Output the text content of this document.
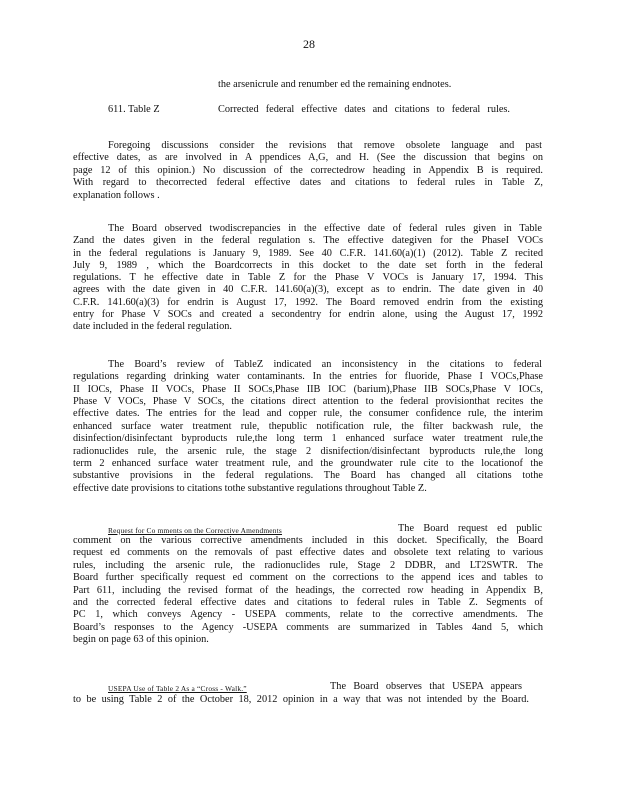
28
the arsenicrule and renumber ed the remaining endnotes.
611. Table Z	Corrected federal effective dates and citations to federal rules.
Foregoing discussions consider the revisions that remove obsolete language and past
effective dates, as are involved in A ppendices A,G, and H. (See the discussion that begins on
page 12 of this opinion.) No discussion of the correctedrow heading in Appendix B is required.
With regard to thecorrected federal effective dates and citations to federal rules in Table Z,
explanation follows .
The Board observed twodiscrepancies in the effective date of federal rules given in Table
Zand the dates given in the federal regulation s. The effective dategiven for the PhaseI VOCs
in the federal regulations is January 9, 1989. See 40 C.F.R. 141.60(a)(1) (2012). Table Z recited
July 9, 1989 , which the Boardcorrects in this docket to the date set forth in the federal
regulations. T he effective date in Table Z for the Phase V VOCs is January 17, 1994. This
agrees with the date given in 40 C.F.R. 141.60(a)(3), except as to endrin. The date given in 40
C.F.R. 141.60(a)(3) for endrin is August 17, 1992. The Board removed endrin from the existing
entry for Phase V SOCs and created a secondentry for endrin alone, using the August 17, 1992
date included in the federal regulation.
The Board’s review of TableZ indicated an inconsistency in the citations to federal
regulations regarding drinking water contaminants. In the entries for fluoride, Phase I VOCs,Phase
II IOCs, Phase II VOCs, Phase II SOCs,Phase IIB IOC (barium),Phase IIB SOCs,Phase V IOCs,
Phase V VOCs, Phase V SOCs, the citations direct attention to the federal provisionthat recites the
effective dates. The entries for the lead and copper rule, the consumer confidence rule, the interim
enhanced surface water treatment rule, thepublic notification rule, the filter backwash rule, the
disinfection/disinfectant byproducts rule,the long term 1 enhanced surface water treatment rule,the
radionuclides rule, the arsenic rule, the stage 2 disnifection/disinfectant byproducts rule,the long
term 2 enhanced surface water treatment rule, and the groundwater rule cite to the locationof the
substantive provisions in the federal regulations. The Board has changed all citations tothe
effective date provisions to citations tothe substantive regulations throughout Table Z.
Request for Co mments on the Corrective Amendments	The Board request ed public
comment on the various corrective amendments included in this docket. Specifically, the Board
request ed comments on the removals of past effective dates and obsolete text relating to various
rules, including the arsenic rule, the radionuclides rule, Stage 2 DDBR, and LT2SWTR. The
Board further specifically request ed comment on the corrections to the append ices and tables to
Part 611, including the revised format of the headings, the corrected row heading in Appendix B,
and the corrected federal effective dates and citations to federal rules in Table Z. Segments of
PC 1, which conveys Agency - USEPA comments, relate to the corrective amendments. The
Board’s responses to the Agency -USEPA comments are summarized in Tables 4and 5, which
begin on page 63 of this opinion.
USEPA Use of Table 2 As a “Cross - Walk.”	The Board observes that USEPA appears
to be using Table 2 of the October 18, 2012 opinion in a way that was not intended by the Board.
